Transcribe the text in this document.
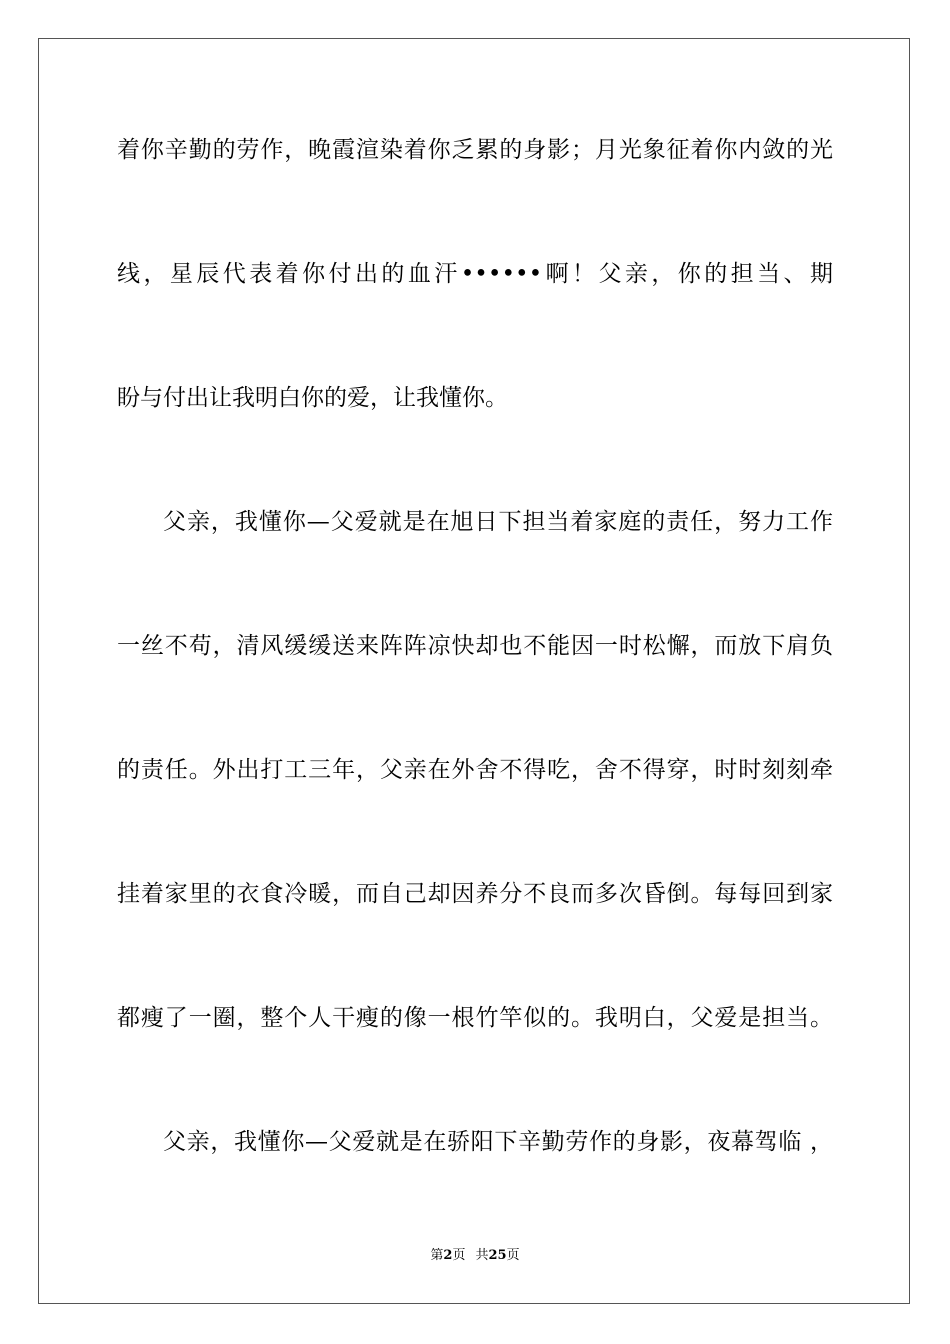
着你辛勤的劳作，晚霞渲染着你乏累的身影；月光象征着你内敛的光
线，星辰代表着你付出的血汗••••••啊！父亲，你的担当、期
盼与付出让我明白你的爱，让我懂你。
父亲，我懂你—父爱就是在旭日下担当着家庭的责任，努力工作
一丝不苟，清风缓缓送来阵阵凉快却也不能因一时松懈，而放下肩负
的责任。外出打工三年，父亲在外舍不得吃，舍不得穿，时时刻刻牵
挂着家里的衣食冷暖，而自己却因养分不良而多次昏倒。每每回到家
都瘦了一圈，整个人干瘦的像一根竹竿似的。我明白，父爱是担当。
父亲，我懂你—父爱就是在骄阳下辛勤劳作的身影，夜幕驾临 ，
第2页 共25页
